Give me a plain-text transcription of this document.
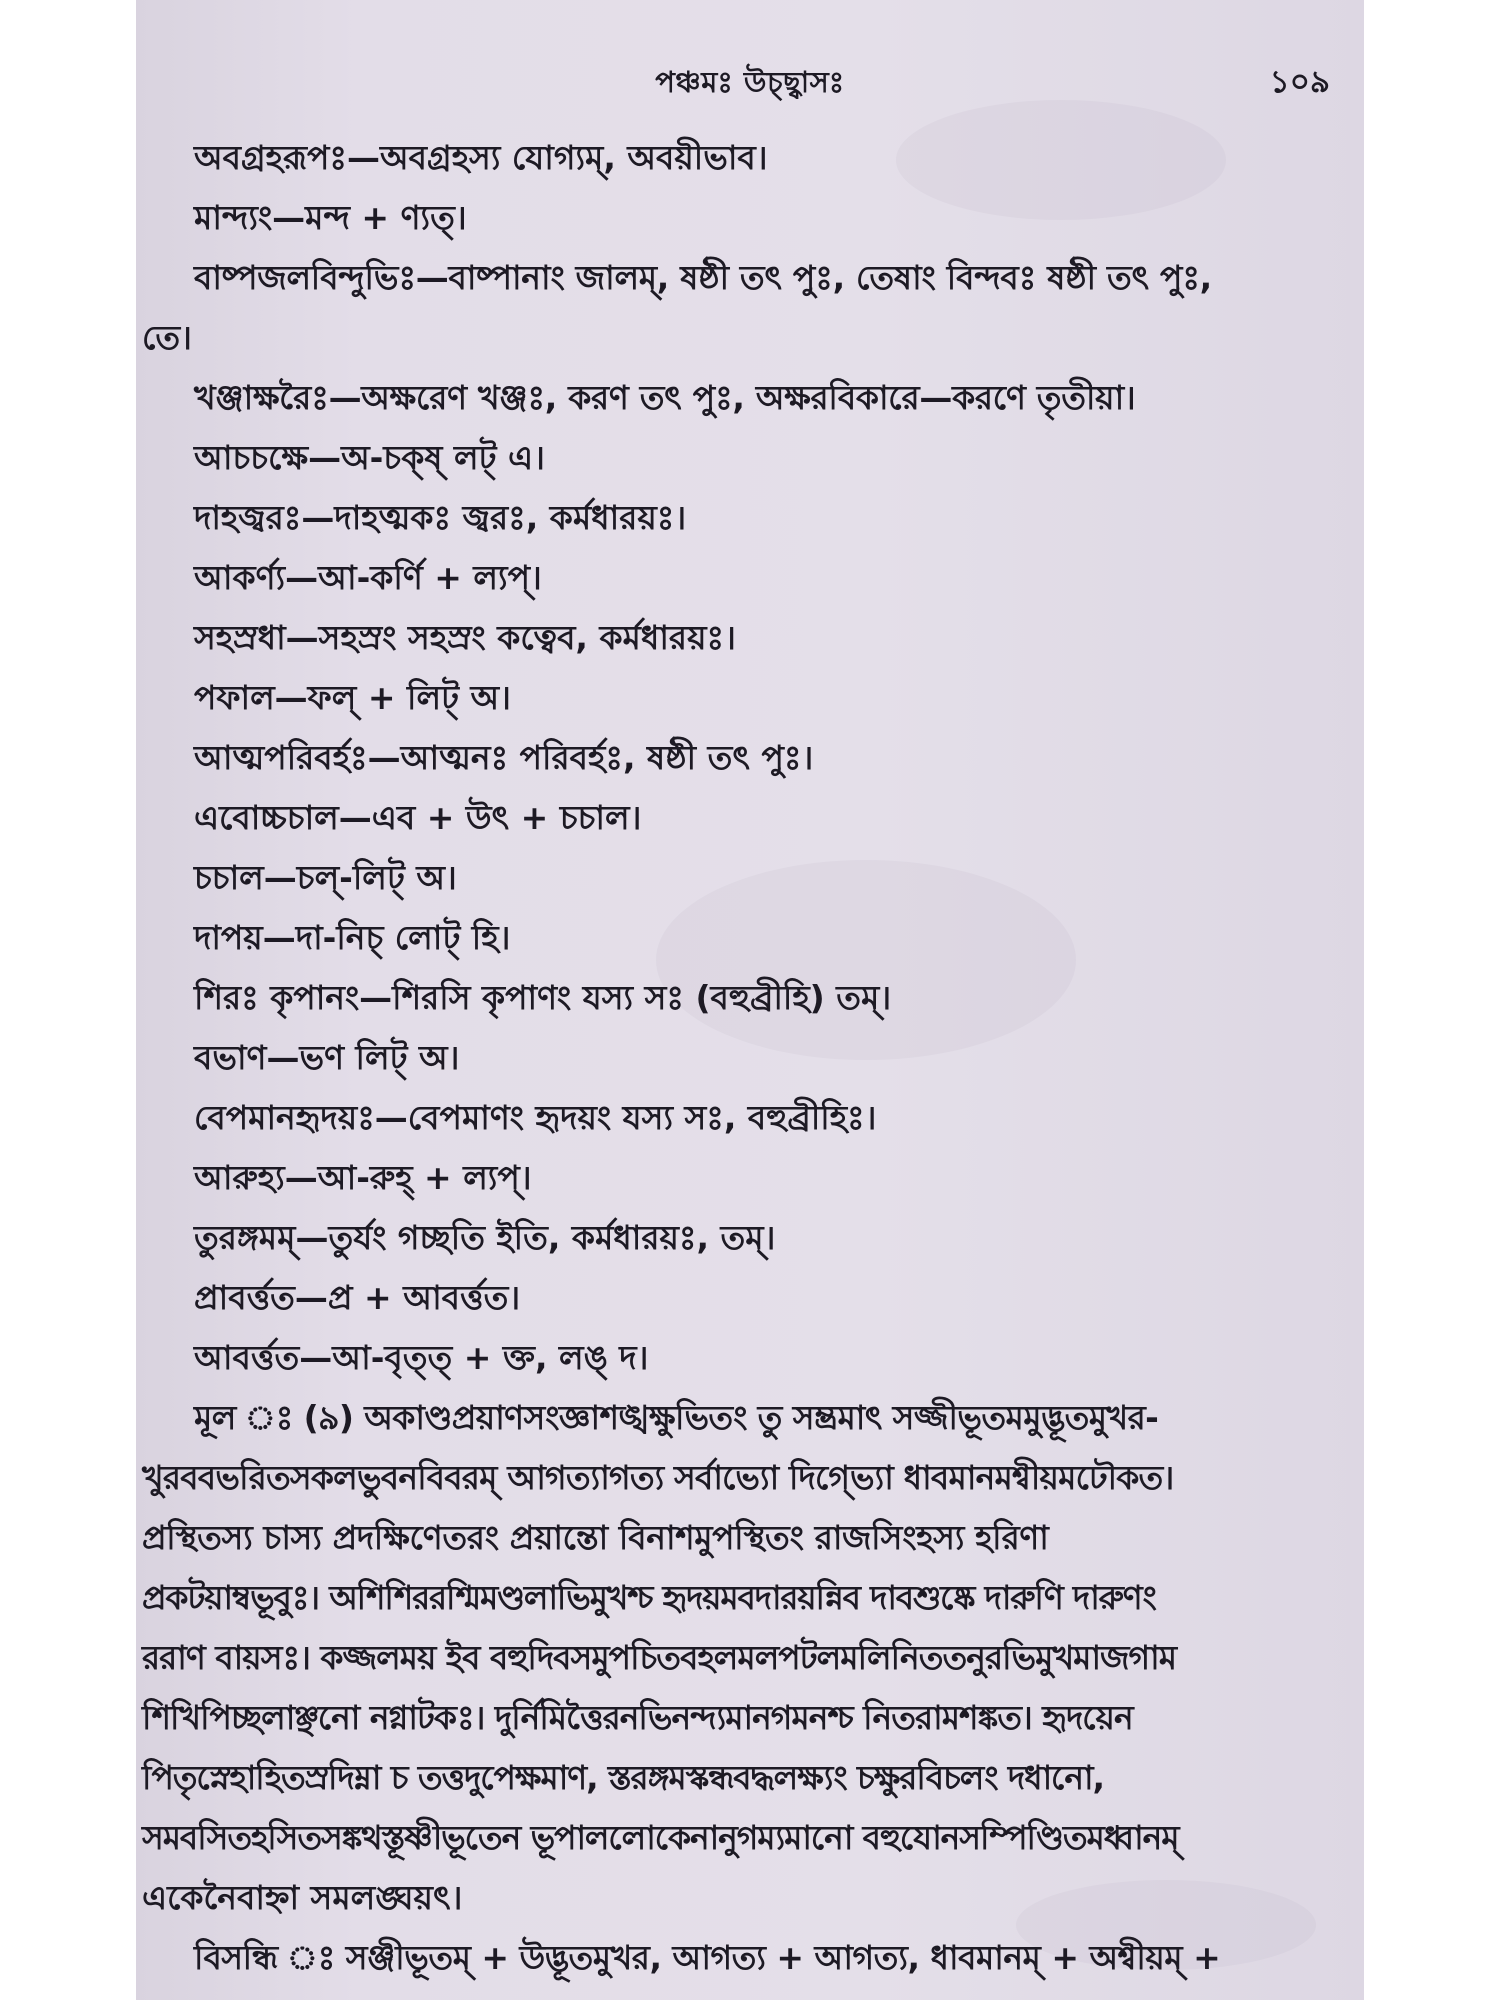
পঞ্চমঃ উচ্ছ্বাসঃ	১০৯

অবগ্রহরূপঃ—অবগ্রহস্য যোগ্যম্, অবয়ীভাব।

মান্দ্যং—মন্দ + ণ্যত্।

বাষ্পজলবিন্দুভিঃ—বাষ্পানাং জালম্, ষষ্ঠী তৎ পুঃ, তেষাং বিন্দবঃ ষষ্ঠী তৎ পুঃ,

তে।

খঞ্জাক্ষরৈঃ—অক্ষরেণ খঞ্জঃ, করণ তৎ পুঃ, অক্ষরবিকারে—করণে তৃতীয়া।

আচচক্ষে—অ-চক্ষ্ লট্ এ।

দাহজ্বরঃ—দাহত্মকঃ জ্বরঃ, কর্মধারয়ঃ।

আকর্ণ্য—আ-কর্ণি + ল্যপ্।

সহস্রধা—সহস্রং সহস্রং কত্বেব, কর্মধারয়ঃ।

পফাল—ফল্ + লিট্ অ।

আত্মপরিবর্হঃ—আত্মনঃ পরিবর্হঃ, ষষ্ঠী তৎ পুঃ।

এবোচ্চচাল—এব + উৎ + চচাল।

চচাল—চল্-লিট্ অ।

দাপয়—দা-নিচ্ লোট্ হি।

শিরঃ কৃপানং—শিরসি কৃপাণং যস্য সঃ (বহুব্রীহি) তম্।

বভাণ—ভণ লিট্ অ।

বেপমানহৃদয়ঃ—বেপমাণং হৃদয়ং যস্য সঃ, বহুব্রীহিঃ।

আরুহ্য—আ-রুহ্ + ল্যপ্।

তুরঙ্গমম্—তুর্যং গচ্ছতি ইতি, কর্মধারয়ঃ, তম্।

প্রাবর্ত্তত—প্র + আবর্ত্তত।

আবর্ত্তত—আ-বৃত্ত্ + ক্ত, লঙ্ দ।

মূল ঃ (৯) অকাণ্ডপ্রয়াণসংজ্ঞাশঙ্খক্ষুভিতং তু সম্ভ্রমাৎ সজ্জীভূতমমুদ্ভূতমুখর-

খুরববভরিতসকলভুবনবিবরম্ আগত্যাগত্য সর্বাভ্যো দিগ্ভ্যো ধাবমানমশ্বীয়মঢৌকত।

প্রস্থিতস্য চাস্য প্রদক্ষিণেতরং প্রয়ান্তো বিনাশমুপস্থিতং রাজসিংহস্য হরিণা

প্রকটয়াম্বভূবুঃ। অশিশিররশ্মিমণ্ডলাভিমুখশ্চ হৃদয়মবদারয়ন্নিব দাবশুষ্কে দারুণি দারুণং

ররাণ বায়সঃ। কজ্জলময় ইব বহুদিবসমুপচিতবহলমলপটলমলিনিততনুরভিমুখমাজগাম

শিখিপিচ্ছলাঞ্ছনো নগ্নাটকঃ। দুর্নিমিত্তৈরনভিনন্দ্যমানগমনশ্চ নিতরামশঙ্কত। হৃদয়েন

পিতৃস্নেহাহিতস্রদিম্না চ তত্তদুপেক্ষমাণ, স্তরঙ্গমস্কন্ধবদ্ধলক্ষ্যং চক্ষুরবিচলং দধানো,

সমবসিতহসিতসঙ্কথস্তূষ্ণীভূতেন ভূপাললোকেনানুগম্যমানো বহুযোনসম্পিণ্ডিতমধ্বানম্

একেনৈবাহ্না সমলঙ্ঘয়ৎ।

বিসন্ধি ঃ সঞ্জীভূতম্ + উদ্ভূতমুখর, আগত্য + আগত্য, ধাবমানম্ + অশ্বীয়ম্ +
